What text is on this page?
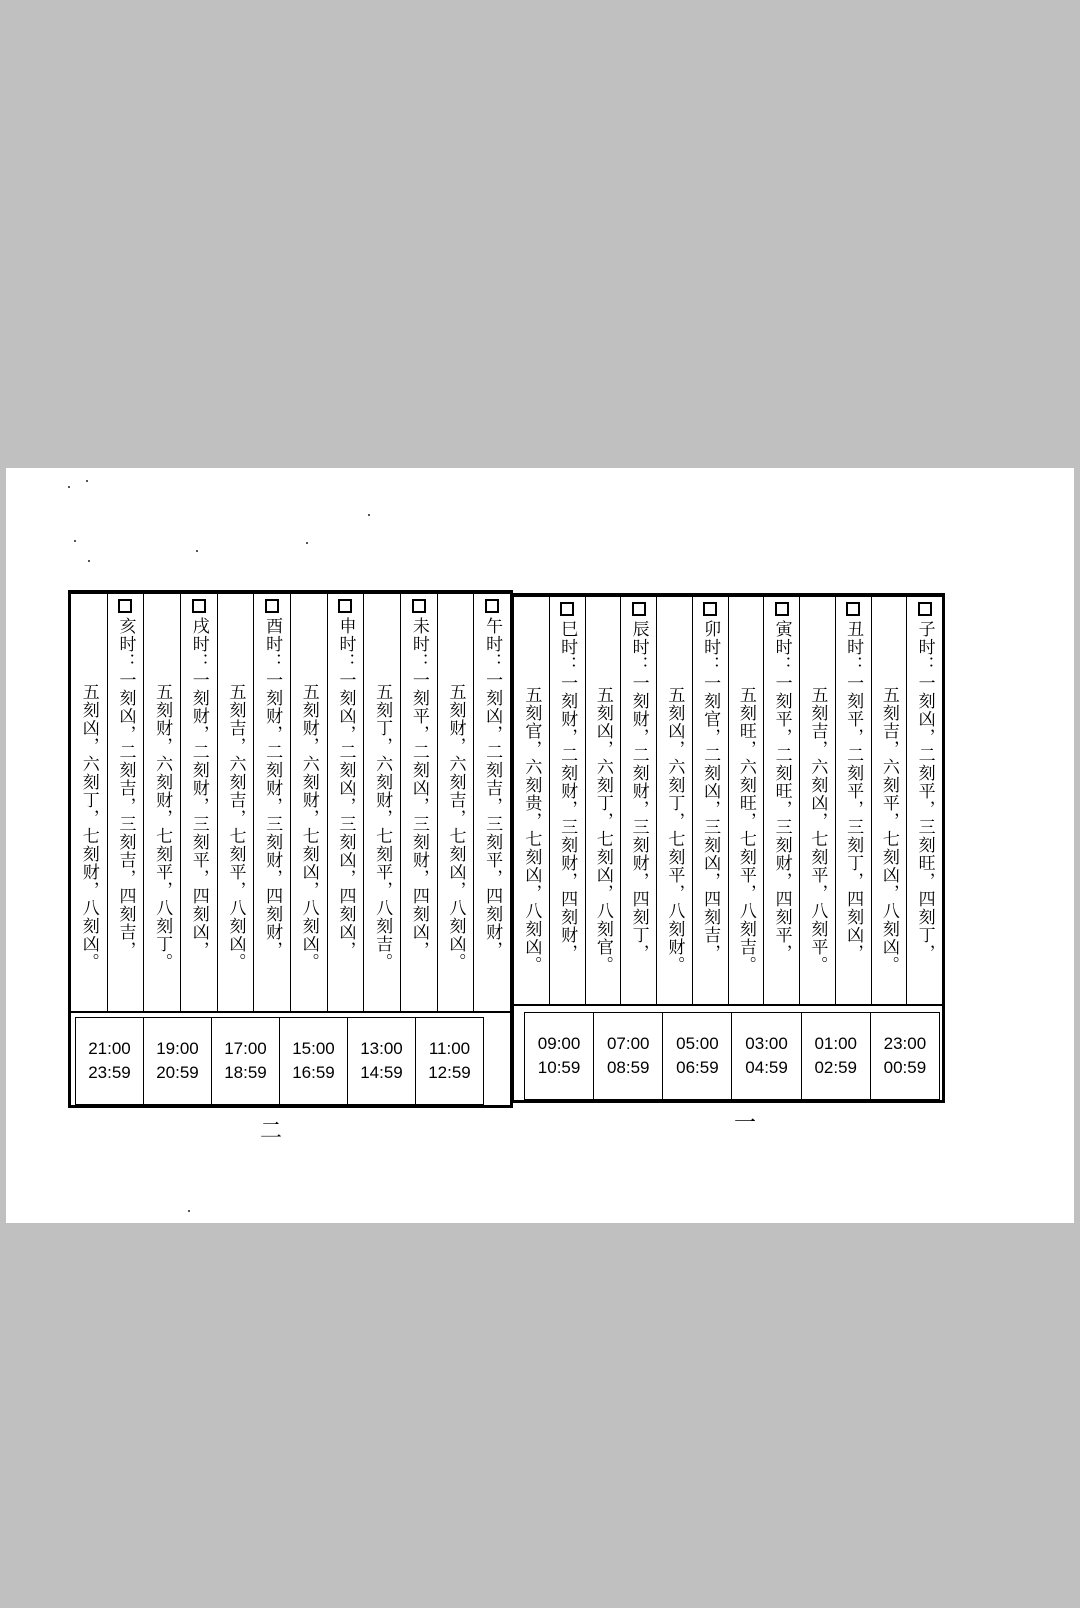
午时：一刻凶，二刻吉，三刻平，四刻财，
五刻财，六刻吉，七刻凶，八刻凶。
未时：一刻平，二刻凶，三刻财，四刻凶，
五刻丁，六刻财，七刻平，八刻吉。
申时：一刻凶，二刻凶，三刻凶，四刻凶，
五刻财，六刻财，七刻凶，八刻凶。
酉时：一刻财，二刻财，三刻财，四刻财，
五刻吉，六刻吉，七刻平，八刻凶。
戌时：一刻财，二刻财，三刻平，四刻凶，
五刻财，六刻财，七刻平，八刻丁。
亥时：一刻凶，二刻吉，三刻吉，四刻吉，
五刻凶，六刻丁，七刻财，八刻凶。
11:00
12:59
13:00
14:59
15:00
16:59
17:00
18:59
19:00
20:59
21:00
23:59
二
子时：一刻凶，二刻平，三刻旺，四刻丁，
五刻吉，六刻平，七刻凶，八刻凶。
丑时：一刻平，二刻平，三刻丁，四刻凶，
五刻吉，六刻凶，七刻平，八刻平。
寅时：一刻平，二刻旺，三刻财，四刻平，
五刻旺，六刻旺，七刻平，八刻吉。
卯时：一刻官，二刻凶，三刻凶，四刻吉，
五刻凶，六刻丁，七刻平，八刻财。
辰时：一刻财，二刻财，三刻财，四刻丁，
五刻凶，六刻丁，七刻凶，八刻官。
巳时：一刻财，二刻财，三刻财，四刻财，
五刻官，六刻贵，七刻凶，八刻凶。
23:00
00:59
01:00
02:59
03:00
04:59
05:00
06:59
07:00
08:59
09:00
10:59
一
